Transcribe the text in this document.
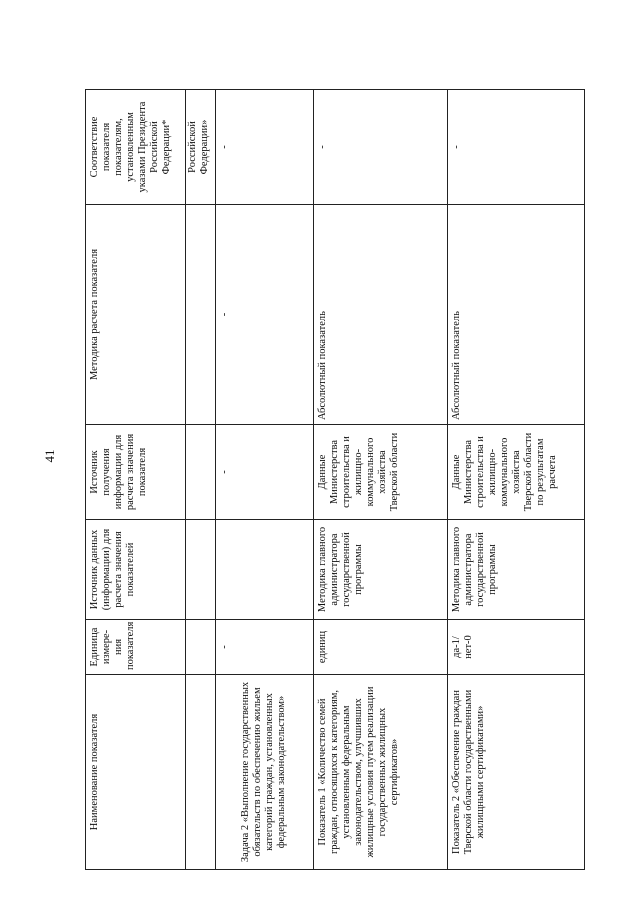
41
Наименование показателя	Единица измере-ния показателя	Источник данных (информации) для расчета значения показателей	Источник получения информации для расчета значения показателя	Методика расчета показателя	Соответствие показателя показателям, установленным указами Президента Российской Федерации*
					Российской Федерации»
Задача 2 «Выполнение государственных обязательств по обеспечению жильем категорий граждан, установленных федеральным законодательством»	-		-	-	-
Показатель 1 «Количество семей граждан, относящихся к категориям, установленным федеральным законодательством, улучшивших жилищные условия путем реализации государственных жилищных сертификатов»	единиц	Методика главного администратора государственной программы	Данные Министерства строительства и жилищно-коммунального хозяйства Тверской области	Абсолютный показатель	-
Показатель 2 «Обеспечение граждан Тверской области государственными жилищными сертификатами»	да-1/ нет-0	Методика главного администратора государственной программы	Данные Министерства строительства и жилищно-коммунального хозяйства Тверской области по результатам расчета	Абсолютный показатель	-
